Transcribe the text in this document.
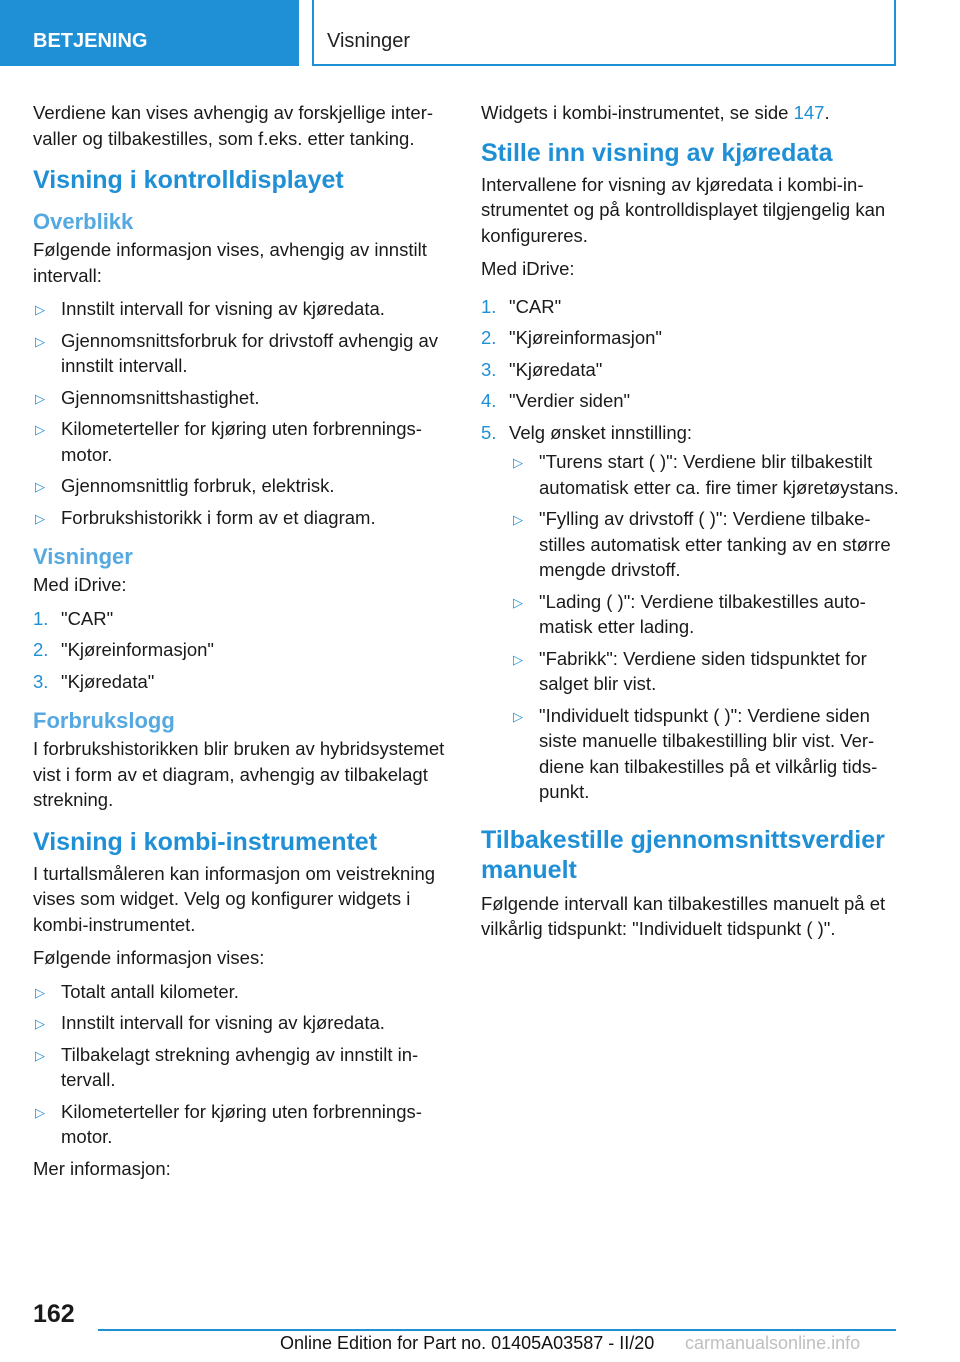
BETJENING	Visninger

Verdiene kan vises avhengig av forskjellige intervaller og tilbakestilles, som f.eks. etter tanking.

Visning i kontrolldisplayet
Overblikk

Følgende informasjon vises, avhengig av innstilt intervall:

▷ Innstilt intervall for visning av kjøredata.
▷ Gjennomsnittsforbruk for drivstoff avhengig av innstilt intervall.
▷ Gjennomsnittshastighet.
▷ Kilometerteller for kjøring uten forbrenningsmotor.
▷ Gjennomsnittlig forbruk, elektrisk.
▷ Forbrukshistorikk i form av et diagram.
Visninger

Med iDrive:

1. "CAR"
2. "Kjøreinformasjon"
3. "Kjøredata"
Forbrukslogg

I forbrukshistorikken blir bruken av hybridsystemet vist i form av et diagram, avhengig av tilbakelagt strekning.

Visning i kombi-instrumentet

I turtallsmåleren kan informasjon om veistrekning vises som widget. Velg og konfigurer widgets i kombi-instrumentet.

Følgende informasjon vises:

▷ Totalt antall kilometer.
▷ Innstilt intervall for visning av kjøredata.
▷ Tilbakelagt strekning avhengig av innstilt intervall.
▷ Kilometerteller for kjøring uten forbrenningsmotor.

Mer informasjon:

Widgets i kombi-instrumentet, se side 147.

Stille inn visning av kjøredata

Intervallene for visning av kjøredata i kombi-instrumentet og på kontrolldisplayet tilgjengelig kan konfigureres.

Med iDrive:

1. "CAR"
2. "Kjøreinformasjon"
3. "Kjøredata"
4. "Verdier siden"
5. Velg ønsket innstilling:
▷ "Turens start ( )": Verdiene blir tilbakestilt automatisk etter ca. fire timer kjøretøystans.
▷ "Fylling av drivstoff ( )": Verdiene tilbakestilles automatisk etter tanking av en større mengde drivstoff.
▷ "Lading ( )": Verdiene tilbakestilles automatisk etter lading.
▷ "Fabrikk": Verdiene siden tidspunktet for salget blir vist.
▷ "Individuelt tidspunkt ( )": Verdiene siden siste manuelle tilbakestilling blir vist. Verdiene kan tilbakestilles på et vilkårlig tidspunkt.
Tilbakestille gjennomsnittsverdier manuelt

Følgende intervall kan tilbakestilles manuelt på et vilkårlig tidspunkt: "Individuelt tidspunkt ( )".

162
Online Edition for Part no. 01405A03587 - II/20 carmanualsonline.info
